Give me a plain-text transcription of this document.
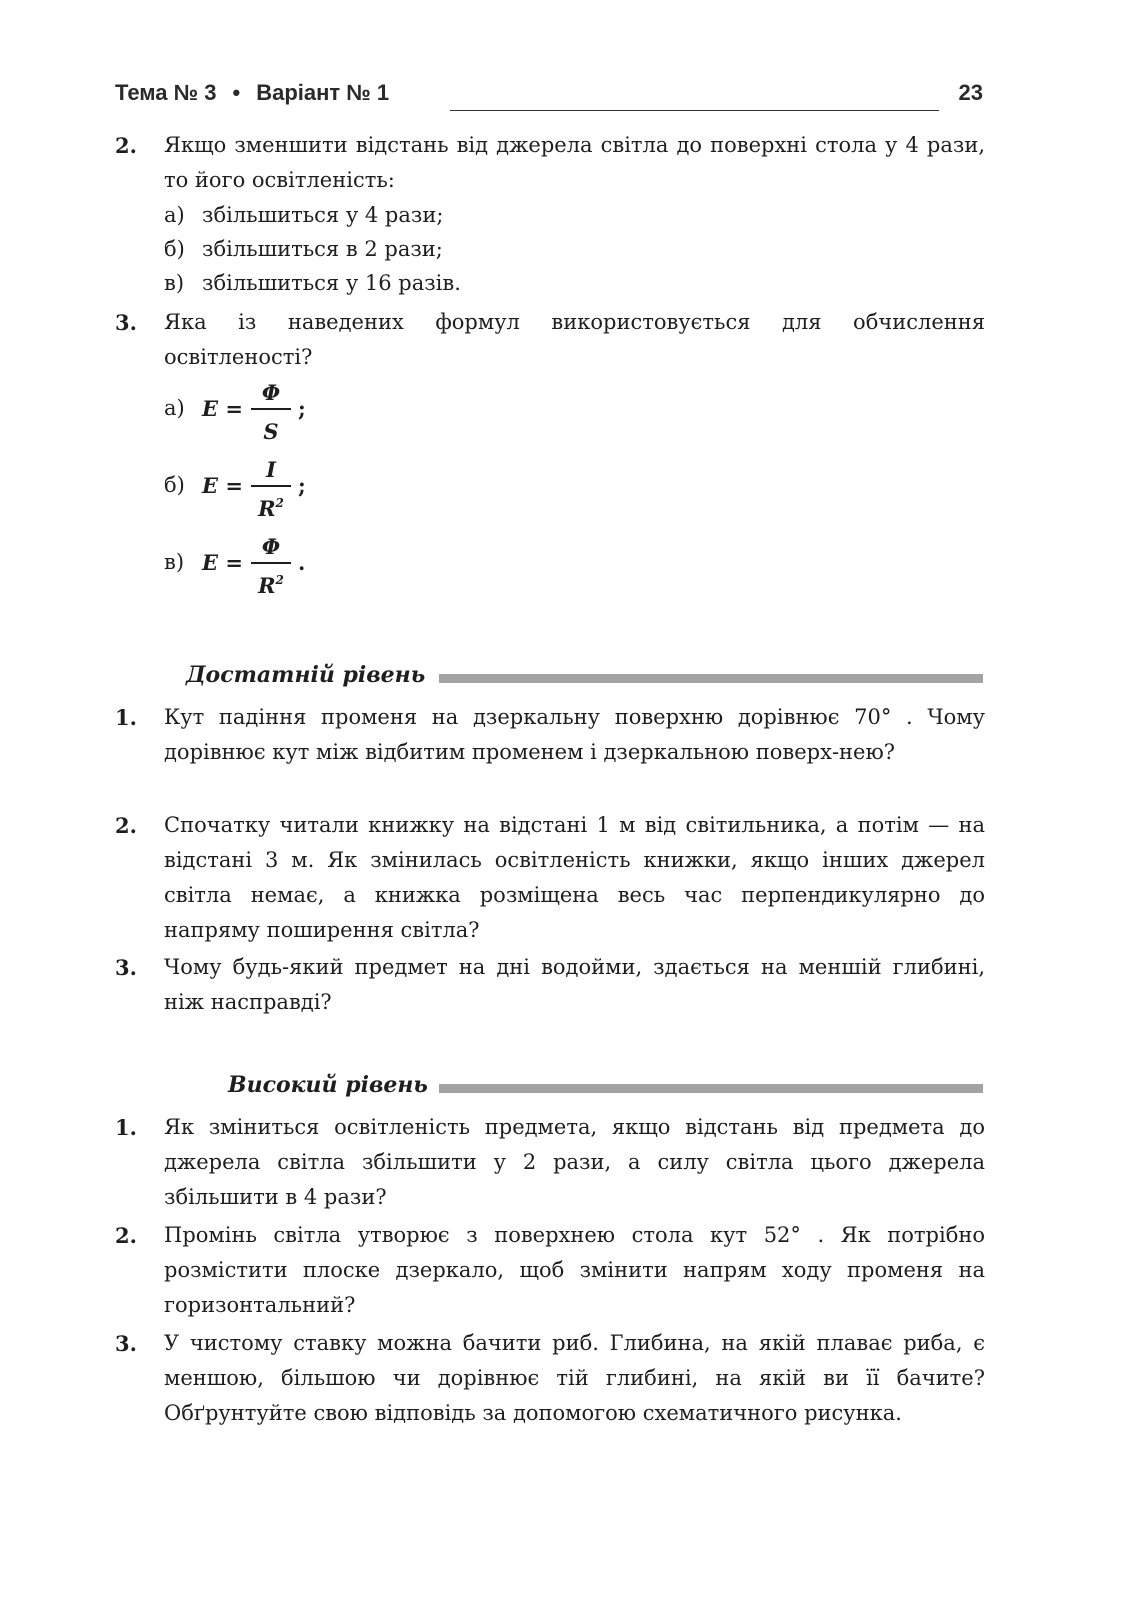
Тема № 3 • Варіант № 1	23
2. Якщо зменшити відстань від джерела світла до поверхні стола у 4 рази, то його освітленість:
а) збільшиться у 4 рази;
б) збільшиться в 2 рази;
в) збільшиться у 16 разів.
3. Яка із наведених формул використовується для обчислення освітленості?
а) E =
Φ
S
;
б) E =
I
$R^2$
;
в) E =
Φ
$R^2$
.
Достатній рівень
1. Кут падіння променя на дзеркальну поверхню дорівнює 70° . Чому дорівнює кут між відбитим променем і дзеркальною поверх-нею?
2. Спочатку читали книжку на відстані 1 м від світильника, а потім — на відстані 3 м. Як змінилась освітленість книжки, якщо інших джерел світла немає, а книжка розміщена весь час перпендикулярно до напряму поширення світла?
3. Чому будь-який предмет на дні водойми, здається на меншій глибині, ніж насправді?
Високий рівень
1. Як зміниться освітленість предмета, якщо відстань від предмета до джерела світла збільшити у 2 рази, а силу світла цього джерела збільшити в 4 рази?
2. Промінь світла утворює з поверхнею стола кут 52° . Як потрібно розмістити плоске дзеркало, щоб змінити напрям ходу променя на горизонтальний?
3. У чистому ставку можна бачити риб. Глибина, на якій плаває риба, є меншою, більшою чи дорівнює тій глибині, на якій ви її бачите? Обґрунтуйте свою відповідь за допомогою схематичного рисунка.
